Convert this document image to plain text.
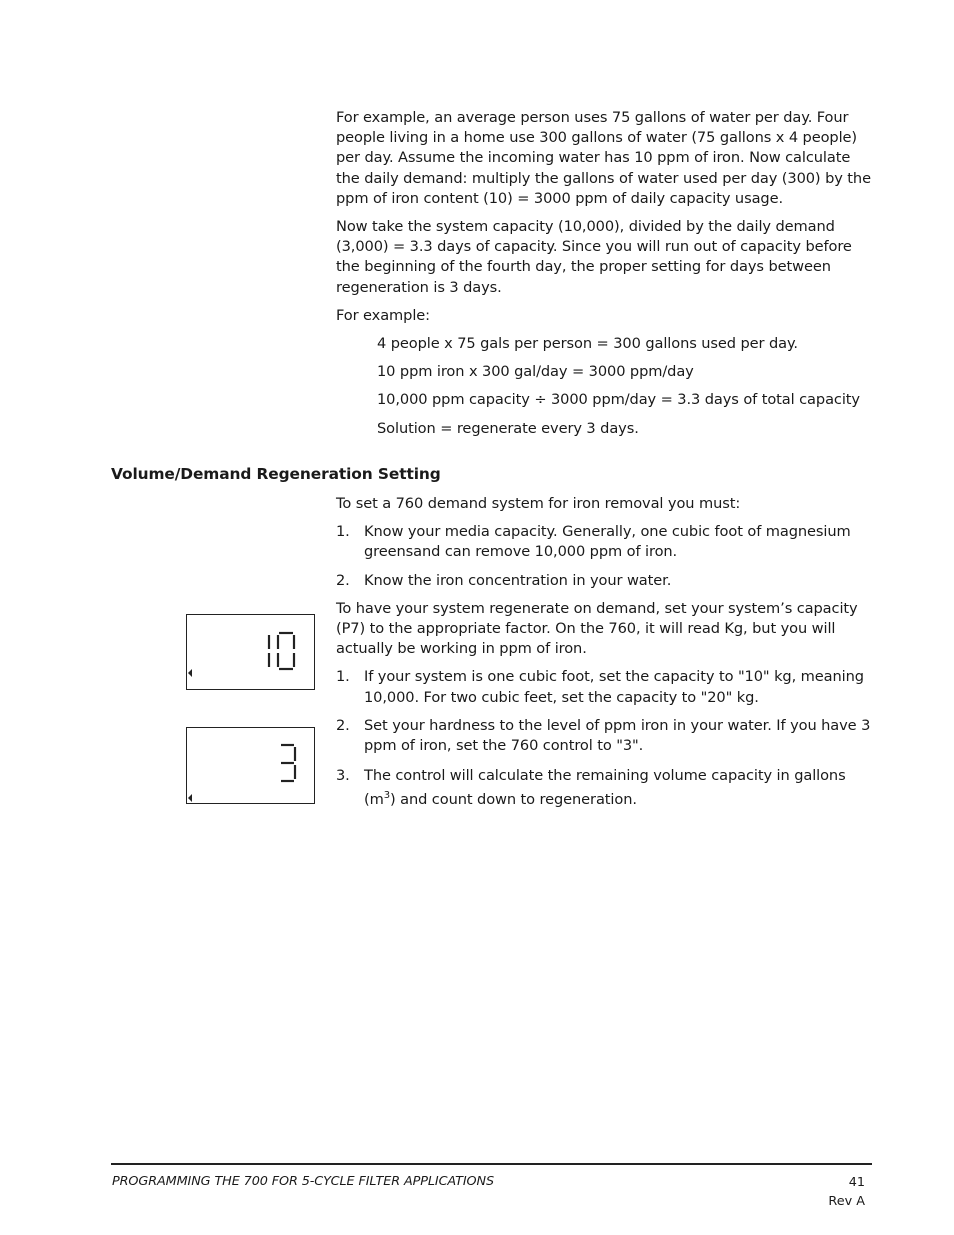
For example, an average person uses 75 gallons of water per day. Four people living in a home use 300 gallons of water (75 gallons x 4 people) per day. Assume the incoming water has 10 ppm of iron. Now calculate the daily demand: multiply the gallons of water used per day (300) by the ppm of iron content (10) = 3000 ppm of daily capacity usage.

Now take the system capacity (10,000), divided by the daily demand (3,000) = 3.3 days of capacity. Since you will run out of capacity before the beginning of the fourth day, the proper setting for days between regeneration is 3 days.

For example:

4 people x 75 gals per person = 300 gallons used per day.

10 ppm iron x 300 gal/day = 3000 ppm/day

10,000 ppm capacity ÷ 3000 ppm/day = 3.3 days of total capacity

Solution = regenerate every 3 days.

Volume/Demand Regeneration Setting

To set a 760 demand system for iron removal you must:

1. Know your media capacity. Generally, one cubic foot of magnesium greensand can remove 10,000 ppm of iron.
2. Know the iron concentration in your water.

To have your system regenerate on demand, set your system’s capacity (P7) to the appropriate factor. On the 760, it will read Kg, but you will actually be working in ppm of iron.

1. If your system is one cubic foot, set the capacity to "10" kg, meaning 10,000. For two cubic feet, set the capacity to "20" kg.
2. Set your hardness to the level of ppm iron in your water. If you have 3 ppm of iron, set the 760 control to "3".
3. The control will calculate the remaining volume capacity in gallons $(m^3)$ and count down to regeneration.
PROGRAMMING THE 700 FOR 5-CYCLE FILTER APPLICATIONS	41
Rev A
